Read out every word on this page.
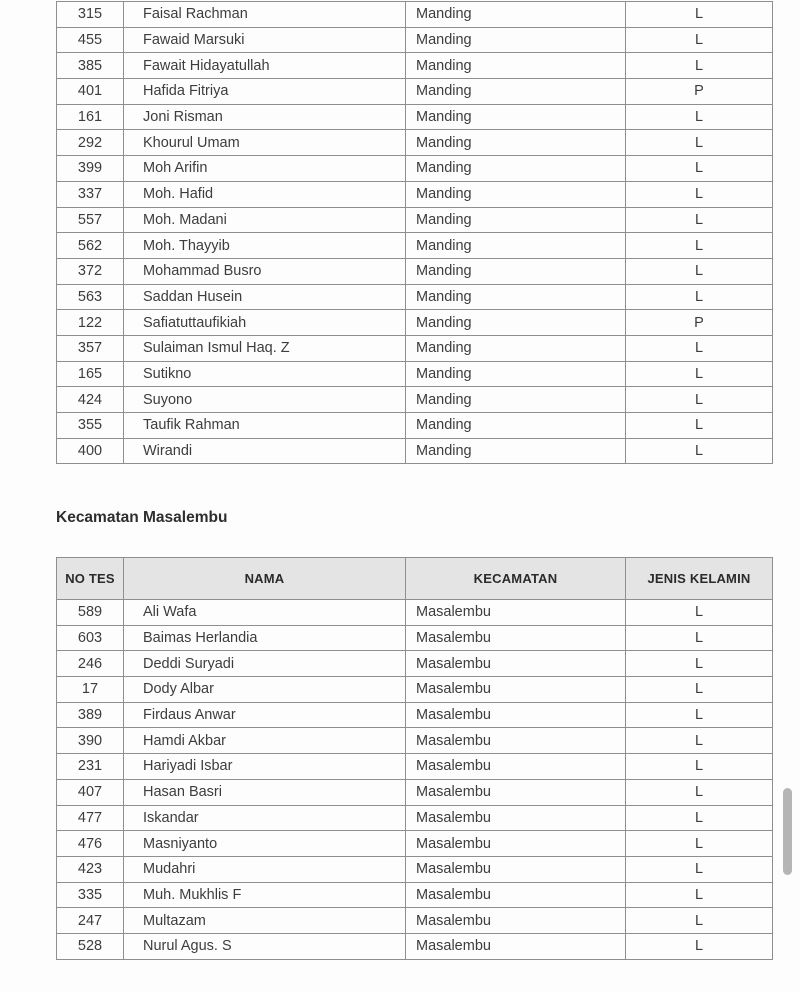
315	Faisal Rachman	Manding	L
455	Fawaid Marsuki	Manding	L
385	Fawait Hidayatullah	Manding	L
401	Hafida Fitriya	Manding	P
161	Joni Risman	Manding	L
292	Khourul Umam	Manding	L
399	Moh Arifin	Manding	L
337	Moh. Hafid	Manding	L
557	Moh. Madani	Manding	L
562	Moh. Thayyib	Manding	L
372	Mohammad Busro	Manding	L
563	Saddan Husein	Manding	L
122	Safiatuttaufikiah	Manding	P
357	Sulaiman Ismul Haq. Z	Manding	L
165	Sutikno	Manding	L
424	Suyono	Manding	L
355	Taufik Rahman	Manding	L
400	Wirandi	Manding	L
Kecamatan Masalembu
NO TES	NAMA	KECAMATAN	JENIS KELAMIN
589	Ali Wafa	Masalembu	L
603	Baimas Herlandia	Masalembu	L
246	Deddi Suryadi	Masalembu	L
17	Dody Albar	Masalembu	L
389	Firdaus Anwar	Masalembu	L
390	Hamdi Akbar	Masalembu	L
231	Hariyadi Isbar	Masalembu	L
407	Hasan Basri	Masalembu	L
477	Iskandar	Masalembu	L
476	Masniyanto	Masalembu	L
423	Mudahri	Masalembu	L
335	Muh. Mukhlis F	Masalembu	L
247	Multazam	Masalembu	L
528	Nurul Agus. S	Masalembu	L
